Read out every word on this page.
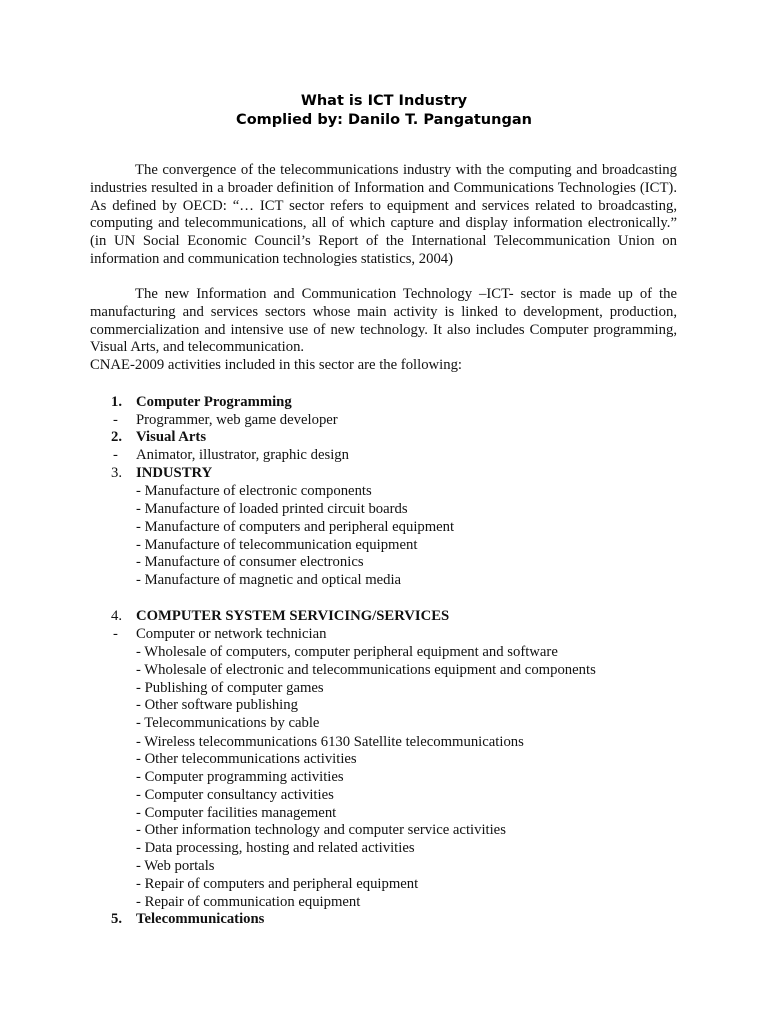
What is ICT Industry
Complied by: Danilo T. Pangatungan

The convergence of the telecommunications industry with the computing and broadcasting industries resulted in a broader definition of Information and Communications Technologies (ICT). As defined by OECD: “… ICT sector refers to equipment and services related to broadcasting, computing and telecommunications, all of which capture and display information electronically.” (in UN Social Economic Council’s Report of the International Telecommunication Union on information and communication technologies statistics, 2004)

The new Information and Communication Technology –ICT- sector is made up of the manufacturing and services sectors whose main activity is linked to development, production, commercialization and intensive use of new technology. It also includes Computer programming, Visual Arts, and telecommunication.

CNAE-2009 activities included in this sector are the following:

1. Computer Programming
- Programmer, web game developer
2. Visual Arts
- Animator, illustrator, graphic design
3. INDUSTRY
- Manufacture of electronic components
- Manufacture of loaded printed circuit boards
- Manufacture of computers and peripheral equipment
- Manufacture of telecommunication equipment
- Manufacture of consumer electronics
- Manufacture of magnetic and optical media
4. COMPUTER SYSTEM SERVICING/SERVICES
- Computer or network technician
- Wholesale of computers, computer peripheral equipment and software
- Wholesale of electronic and telecommunications equipment and components
- Publishing of computer games
- Other software publishing
- Telecommunications by cable
- Wireless telecommunications 6130 Satellite telecommunications
- Other telecommunications activities
- Computer programming activities
- Computer consultancy activities
- Computer facilities management
- Other information technology and computer service activities
- Data processing, hosting and related activities
- Web portals
- Repair of computers and peripheral equipment
- Repair of communication equipment
5. Telecommunications
